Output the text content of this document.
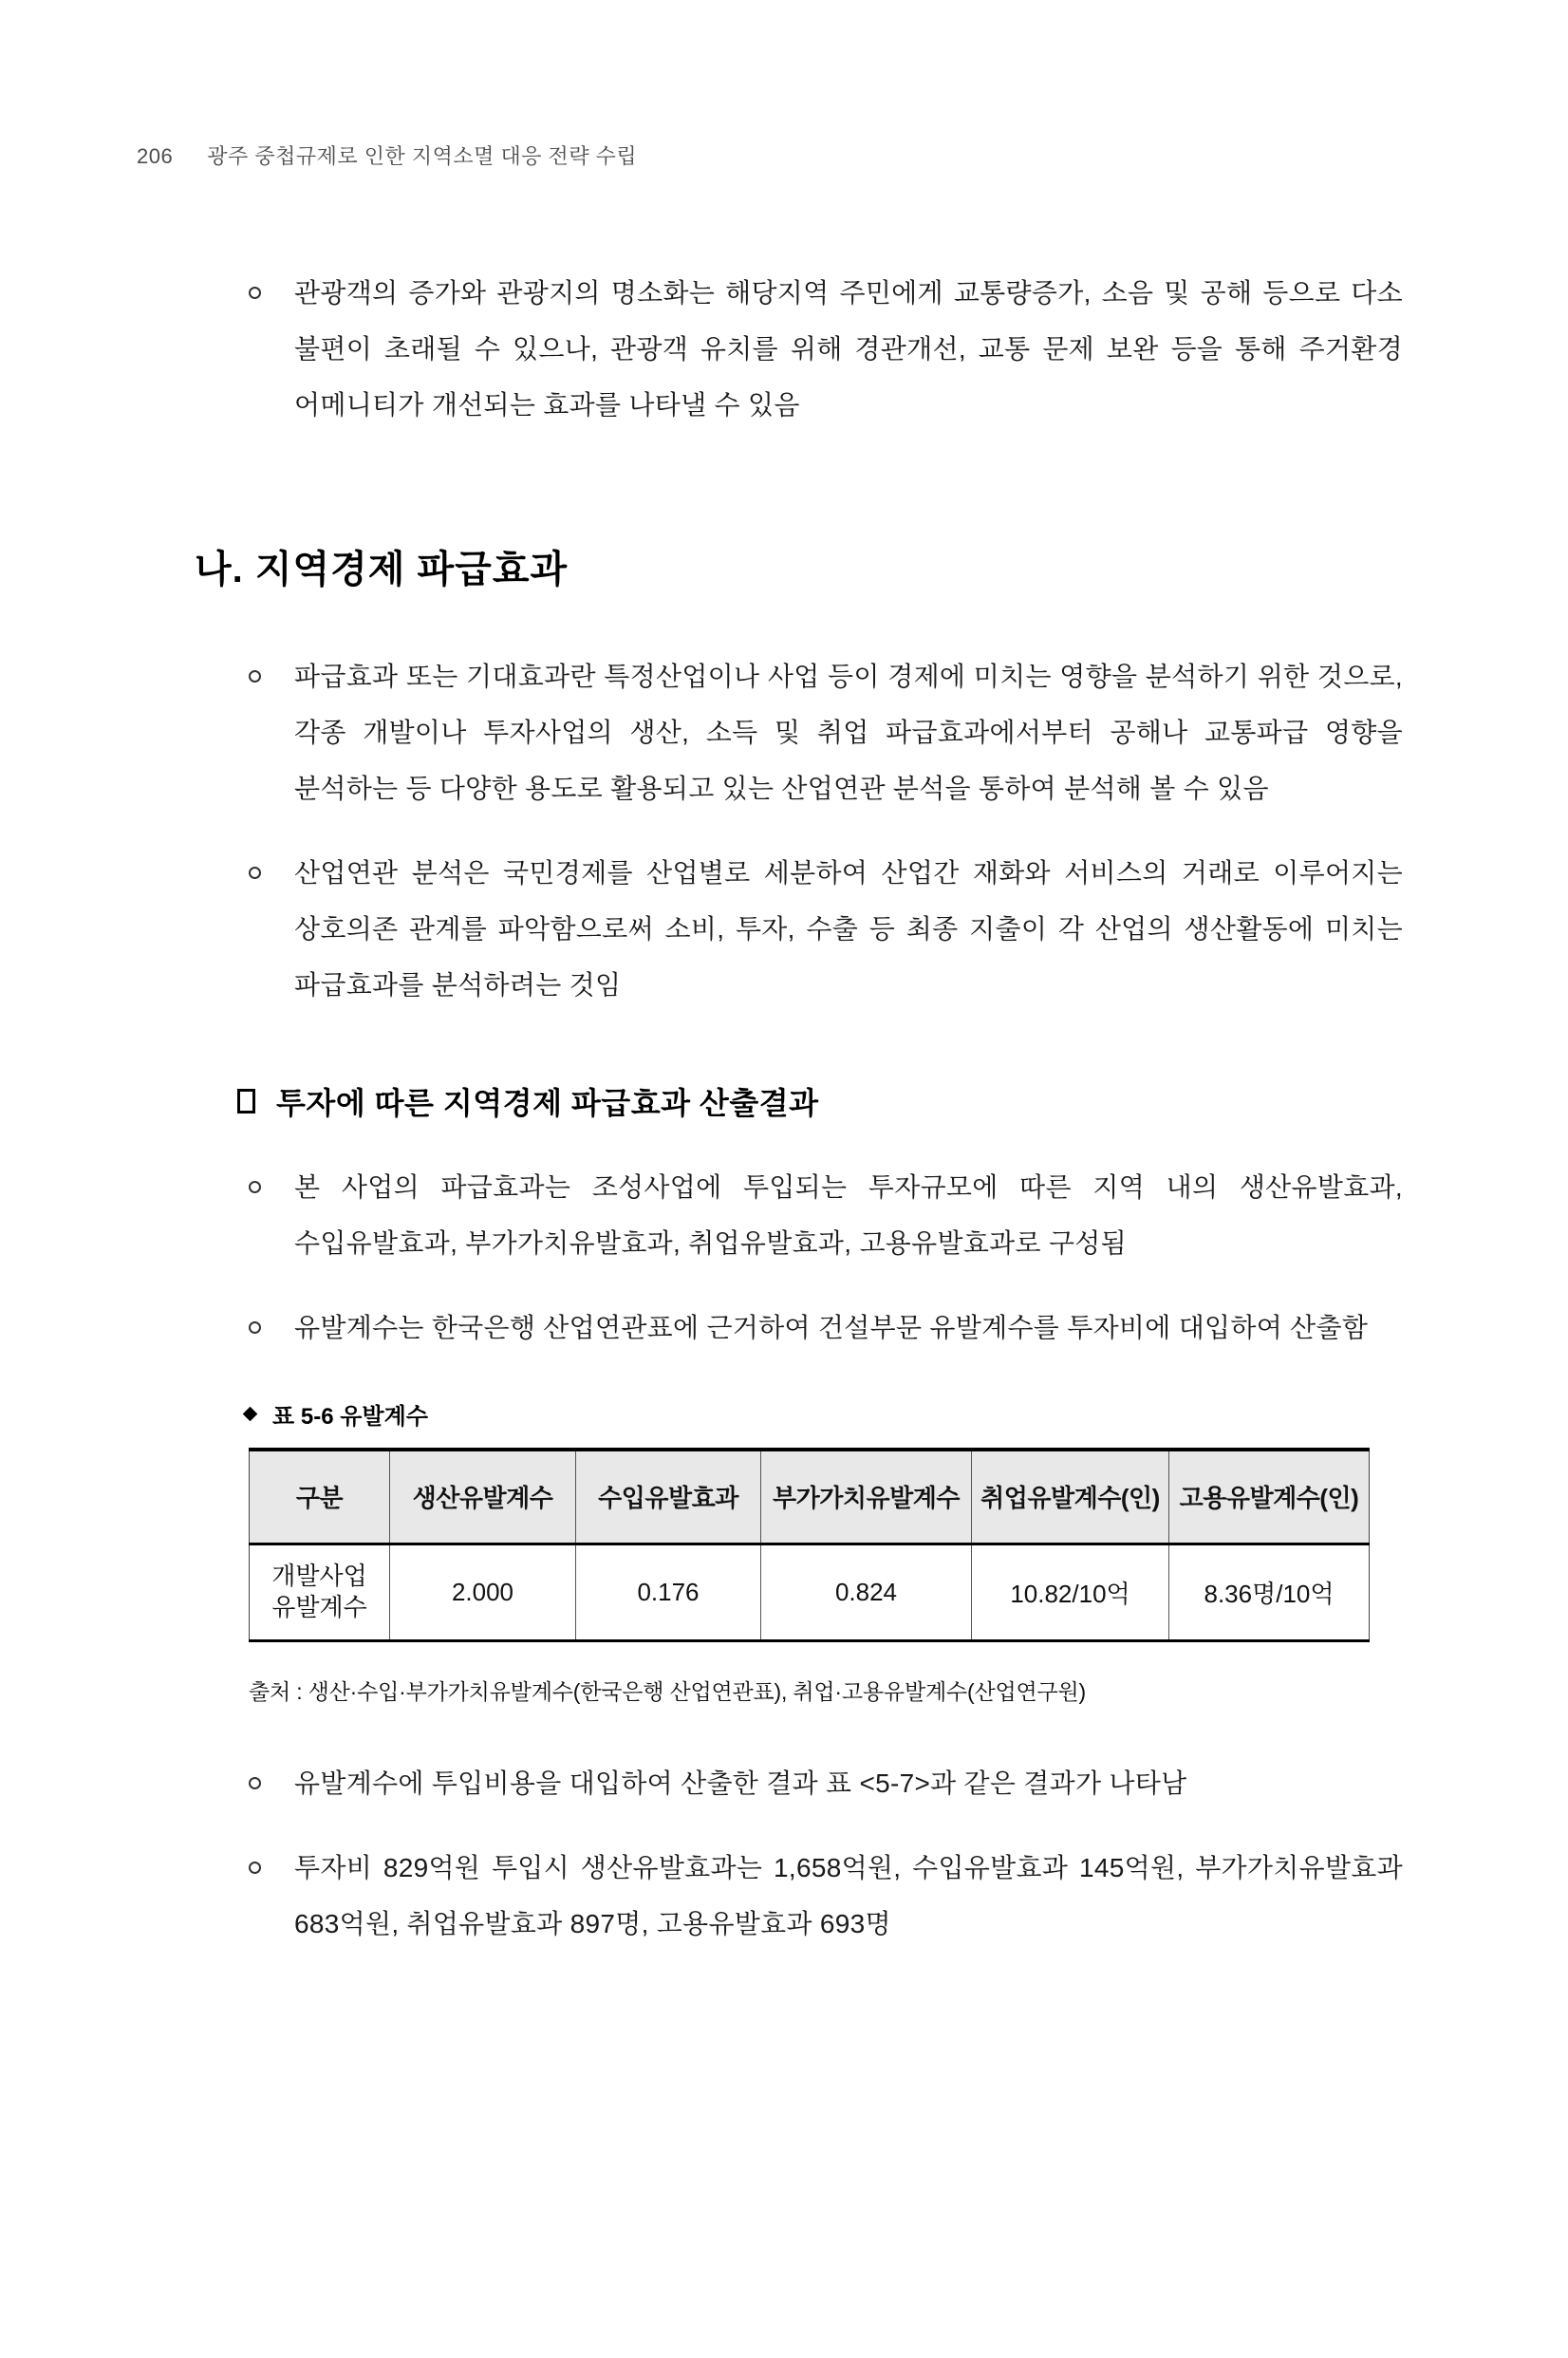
206 광주 중첩규제로 인한 지역소멸 대응 전략 수립
관광객의 증가와 관광지의 명소화는 해당지역 주민에게 교통량증가, 소음 및 공해 등으로 다소 불편이 초래될 수 있으나, 관광객 유치를 위해 경관개선, 교통 문제 보완 등을 통해 주거환경 어메니티가 개선되는 효과를 나타낼 수 있음
나. 지역경제 파급효과
파급효과 또는 기대효과란 특정산업이나 사업 등이 경제에 미치는 영향을 분석하기 위한 것으로, 각종 개발이나 투자사업의 생산, 소득 및 취업 파급효과에서부터 공해나 교통파급 영향을 분석하는 등 다양한 용도로 활용되고 있는 산업연관 분석을 통하여 분석해 볼 수 있음
산업연관 분석은 국민경제를 산업별로 세분하여 산업간 재화와 서비스의 거래로 이루어지는 상호의존 관계를 파악함으로써 소비, 투자, 수출 등 최종 지출이 각 산업의 생산활동에 미치는 파급효과를 분석하려는 것임
투자에 따른 지역경제 파급효과 산출결과
본 사업의 파급효과는 조성사업에 투입되는 투자규모에 따른 지역 내의 생산유발효과, 수입유발효과, 부가가치유발효과, 취업유발효과, 고용유발효과로 구성됨
유발계수는 한국은행 산업연관표에 근거하여 건설부문 유발계수를 투자비에 대입하여 산출함
표 5-6 유발계수
구분	생산유발계수	수입유발효과	부가가치유발계수	취업유발계수(인)	고용유발계수(인)

개발사업
유발계수	2.000	0.176	0.824	10.82/10억	8.36명/10억
출처 : 생산·수입·부가가치유발계수(한국은행 산업연관표), 취업·고용유발계수(산업연구원)
유발계수에 투입비용을 대입하여 산출한 결과 표 <5-7>과 같은 결과가 나타남
투자비 829억원 투입시 생산유발효과는 1,658억원, 수입유발효과 145억원, 부가가치유발효과 683억원, 취업유발효과 897명, 고용유발효과 693명
